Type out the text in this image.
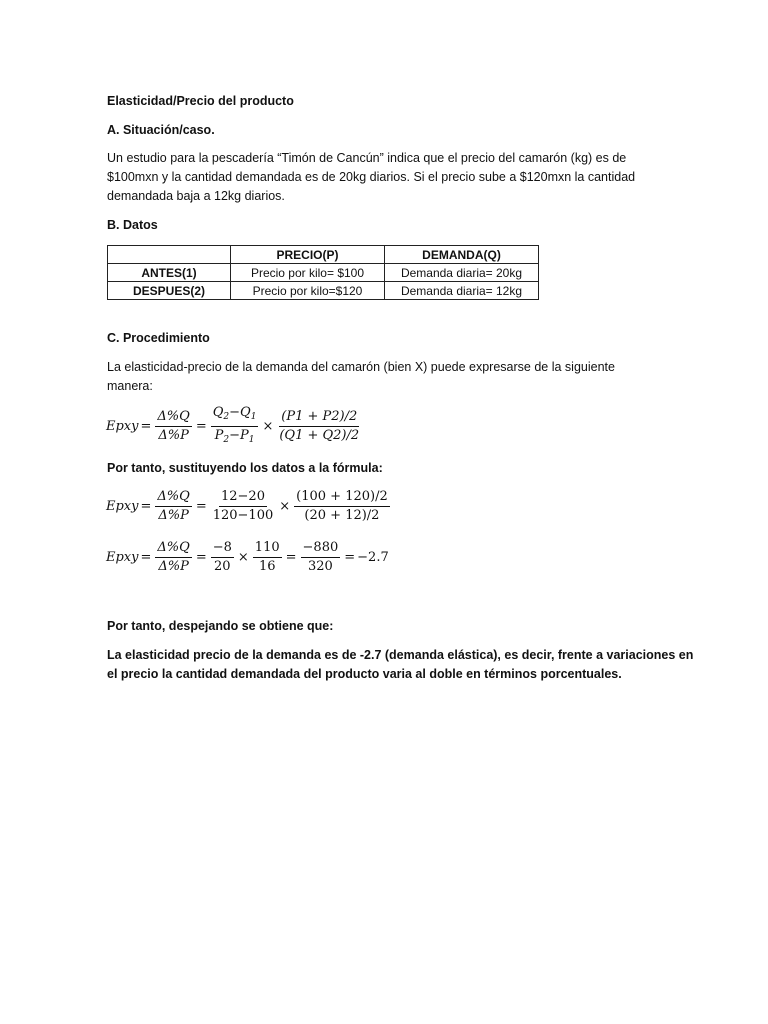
Elasticidad/Precio del producto
A. Situación/caso.
Un estudio para la pescadería “Timón de Cancún” indica que el precio del camarón (kg) es de
$100mxn y la cantidad demandada es de 20kg diarios. Si el precio sube a $120mxn la cantidad
demandada baja a 12kg diarios.
B. Datos
	PRECIO(P)	DEMANDA(Q)
ANTES(1)	Precio por kilo= $100	Demanda diaria= 20kg
DESPUES(2)	Precio por kilo=$120	Demanda diaria= 12kg
C. Procedimiento
La elasticidad-precio de la demanda del camarón (bien X) puede expresarse de la siguiente
manera:
Epxy = $\frac{\Delta\%Q}{\Delta\%P} = \frac{Q_2-Q_1}{P_2-P_1} \times \frac{(P1 + P2)/2}{(Q1 + Q2)/2}$
Por tanto, sustituyendo los datos a la fórmula:
Epxy = $\frac{\Delta\%Q}{\Delta\%P} = \frac{12-20}{120-100} \times \frac{(100 + 120)/2}{(20 + 12)/2}$
Epxy = $\frac{\Delta\%Q}{\Delta\%P} = \frac{-8}{20} \times \frac{110}{16} = \frac{-880}{320} = -2.7$
Por tanto, despejando se obtiene que:
La elasticidad precio de la demanda es de -2.7 (demanda elástica), es decir, frente a variaciones en
el precio la cantidad demandada del producto varia al doble en términos porcentuales.
